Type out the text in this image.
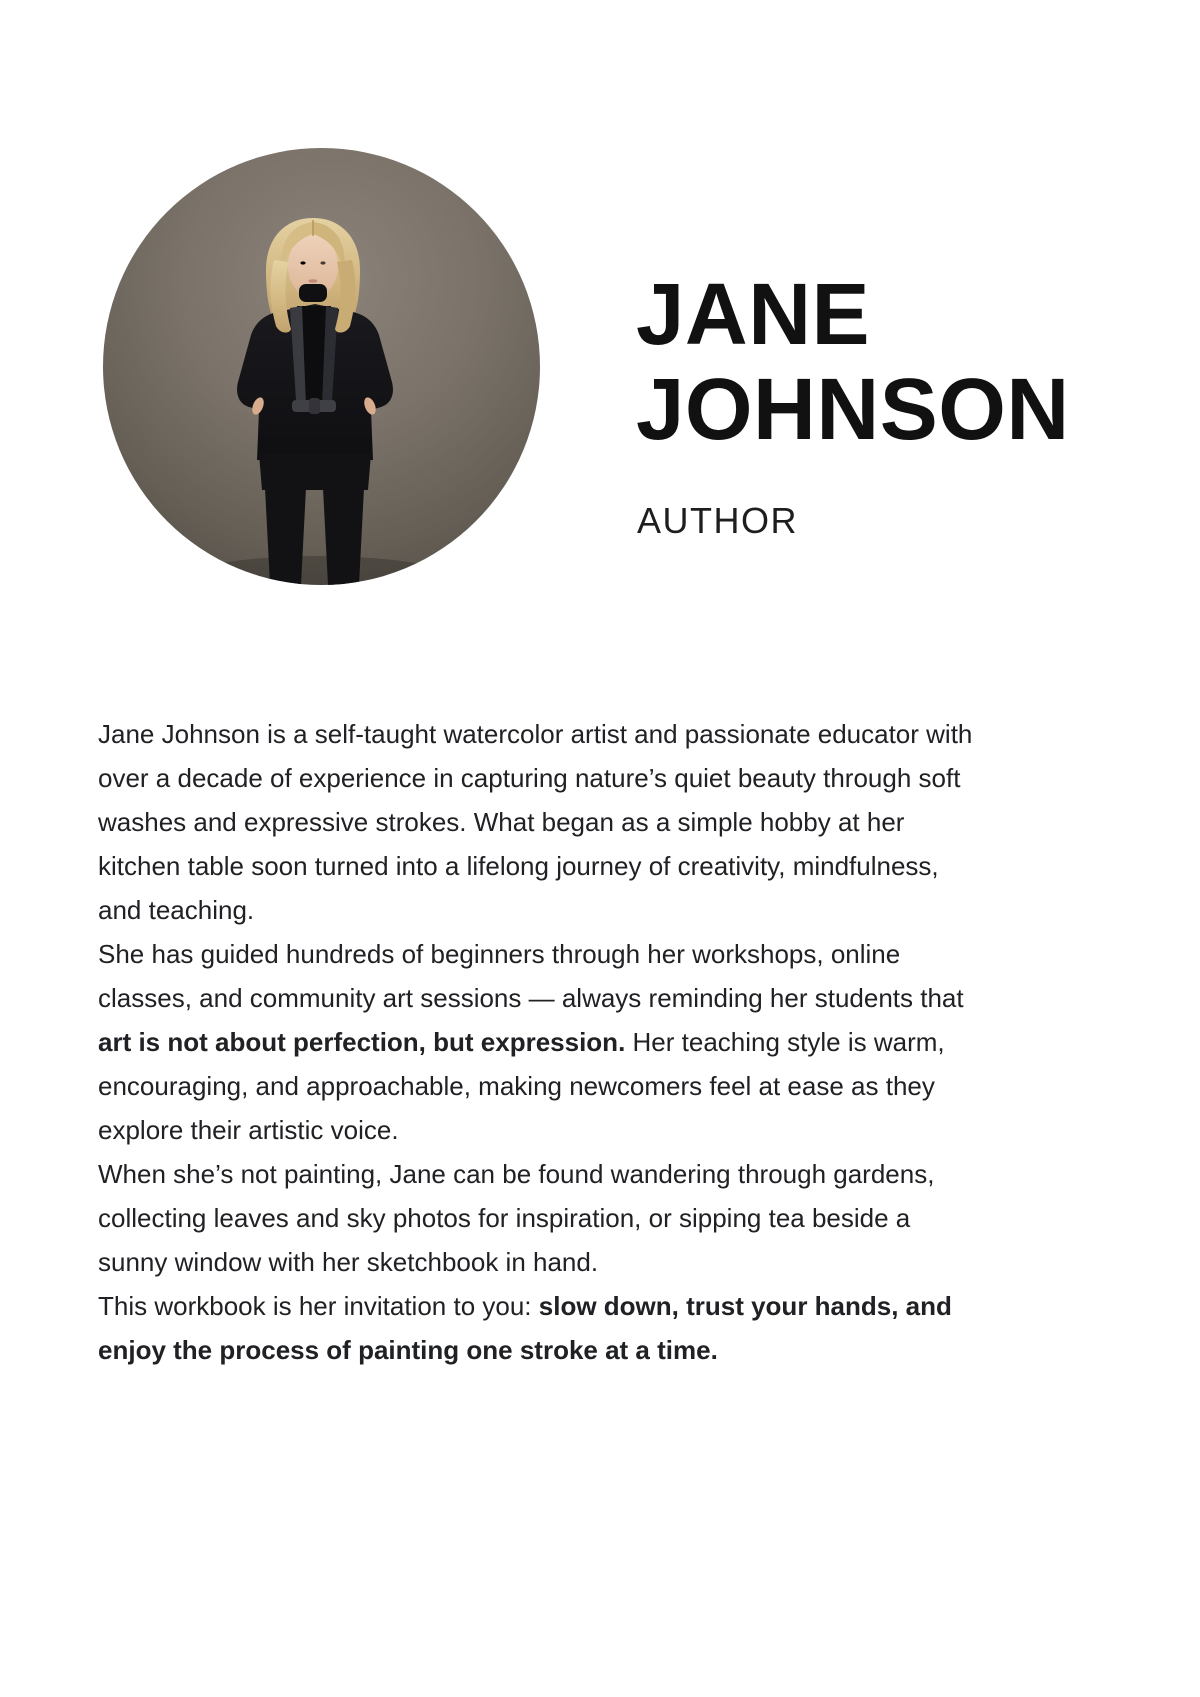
JANE
JOHNSON
AUTHOR
Jane Johnson is a self-taught watercolor artist and passionate educator with
over a decade of experience in capturing nature’s quiet beauty through soft
washes and expressive strokes. What began as a simple hobby at her
kitchen table soon turned into a lifelong journey of creativity, mindfulness,
and teaching.
She has guided hundreds of beginners through her workshops, online
classes, and community art sessions — always reminding her students that
art is not about perfection, but expression. Her teaching style is warm,
encouraging, and approachable, making newcomers feel at ease as they
explore their artistic voice.
When she’s not painting, Jane can be found wandering through gardens,
collecting leaves and sky photos for inspiration, or sipping tea beside a
sunny window with her sketchbook in hand.
This workbook is her invitation to you: slow down, trust your hands, and
enjoy the process of painting one stroke at a time.
